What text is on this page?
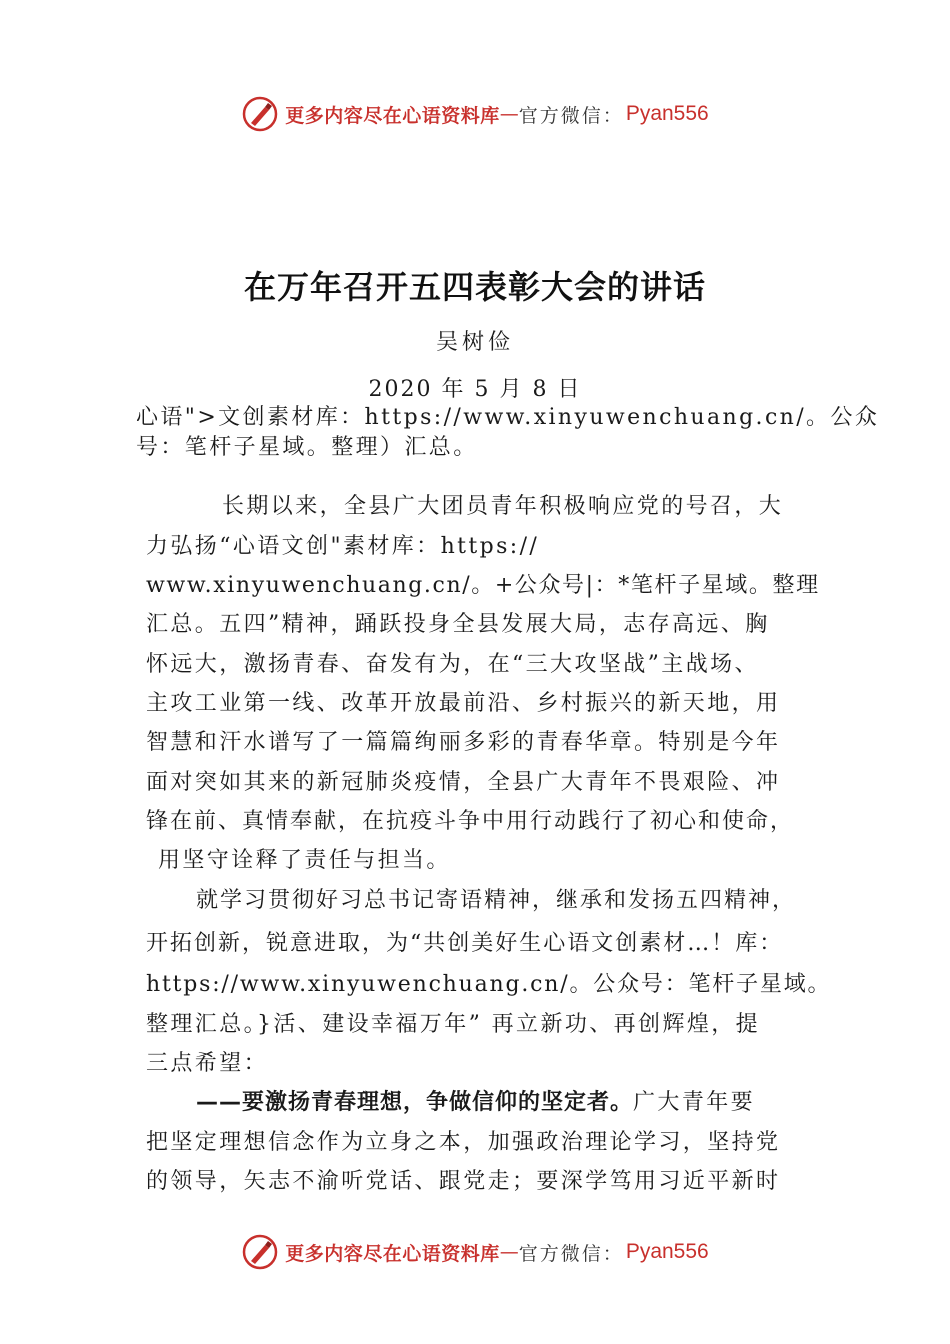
更多内容尽在心语资料库 — 官方微信： Pyan556
在万年召开五四表彰大会的讲话
吴树俭
2020 年 5 月 8 日
心语">文创素材库：https://www.xinyuwenchuang.cn/。公众
号：笔杆子星域。整理）汇总。
长期以来，全县广大团员青年积极响应党的号召，大
力弘扬“心语文创"素材库：https://
www.xinyuwenchuang.cn/。+公众号|：*笔杆子星域。整理
汇总。五四”精神，踊跃投身全县发展大局，志存高远、胸
怀远大，激扬青春、奋发有为，在“三大攻坚战”主战场、
主攻工业第一线、改革开放最前沿、乡村振兴的新天地，用
智慧和汗水谱写了一篇篇绚丽多彩的青春华章。特别是今年
面对突如其来的新冠肺炎疫情，全县广大青年不畏艰险、冲
锋在前、真情奉献，在抗疫斗争中用行动践行了初心和使命，
用坚守诠释了责任与担当。
就学习贯彻好习总书记寄语精神，继承和发扬五四精神，
开拓创新，锐意进取，为“共创美好生心语文创素材…！库：
https://www.xinyuwenchuang.cn/。公众号：笔杆子星域。
整理汇总。}活、建设幸福万年” 再立新功、再创辉煌，提
三点希望：
——要激扬青春理想，争做信仰的坚定者。广大青年要
把坚定理想信念作为立身之本，加强政治理论学习，坚持党
的领导，矢志不渝听党话、跟党走；要深学笃用习近平新时
更多内容尽在心语资料库 — 官方微信： Pyan556
